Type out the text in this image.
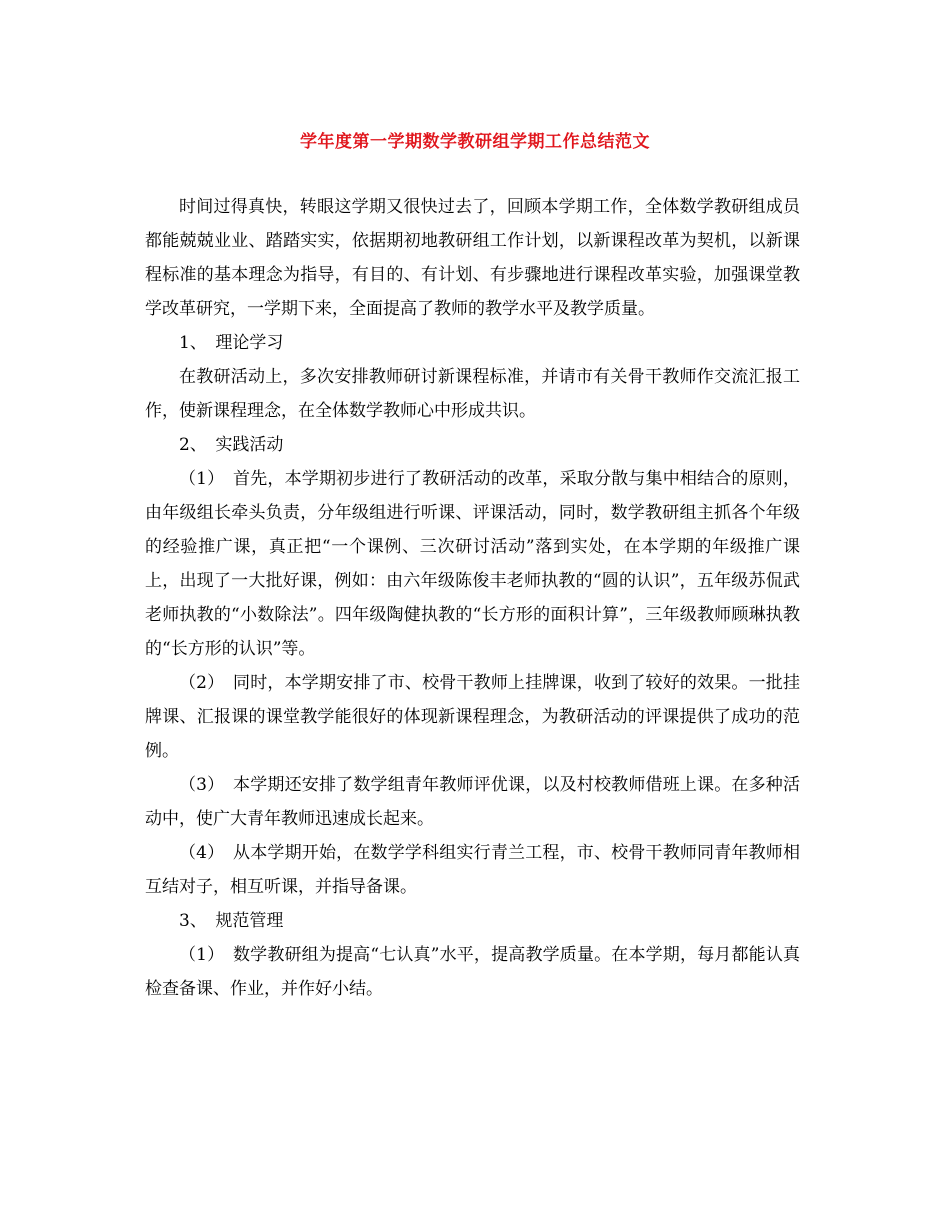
学年度第一学期数学教研组学期工作总结范文

时间过得真快，转眼这学期又很快过去了，回顾本学期工作，全体数学教研组成员都能兢兢业业、踏踏实实，依据期初地教研组工作计划，以新课程改革为契机，以新课程标准的基本理念为指导，有目的、有计划、有步骤地进行课程改革实验，加强课堂教学改革研究，一学期下来，全面提高了教师的教学水平及教学质量。

1、　理论学习

在教研活动上，多次安排教师研讨新课程标准，并请市有关骨干教师作交流汇报工作，使新课程理念，在全体数学教师心中形成共识。

2、　实践活动

（1）　首先，本学期初步进行了教研活动的改革，采取分散与集中相结合的原则，由年级组长牵头负责，分年级组进行听课、评课活动，同时，数学教研组主抓各个年级的经验推广课，真正把“一个课例、三次研讨活动”落到实处，在本学期的年级推广课上，出现了一大批好课，例如：由六年级陈俊丰老师执教的“圆的认识”，五年级苏侃武老师执教的“小数除法”。四年级陶健执教的“长方形的面积计算”，三年级教师顾琳执教的“长方形的认识”等。

（2）　同时，本学期安排了市、校骨干教师上挂牌课，收到了较好的效果。一批挂牌课、汇报课的课堂教学能很好的体现新课程理念，为教研活动的评课提供了成功的范例。

（3）　本学期还安排了数学组青年教师评优课，以及村校教师借班上课。在多种活动中，使广大青年教师迅速成长起来。

（4）　从本学期开始，在数学学科组实行青兰工程，市、校骨干教师同青年教师相互结对子，相互听课，并指导备课。

3、　规范管理

（1）　数学教研组为提高“七认真”水平，提高教学质量。在本学期，每月都能认真检查备课、作业，并作好小结。
